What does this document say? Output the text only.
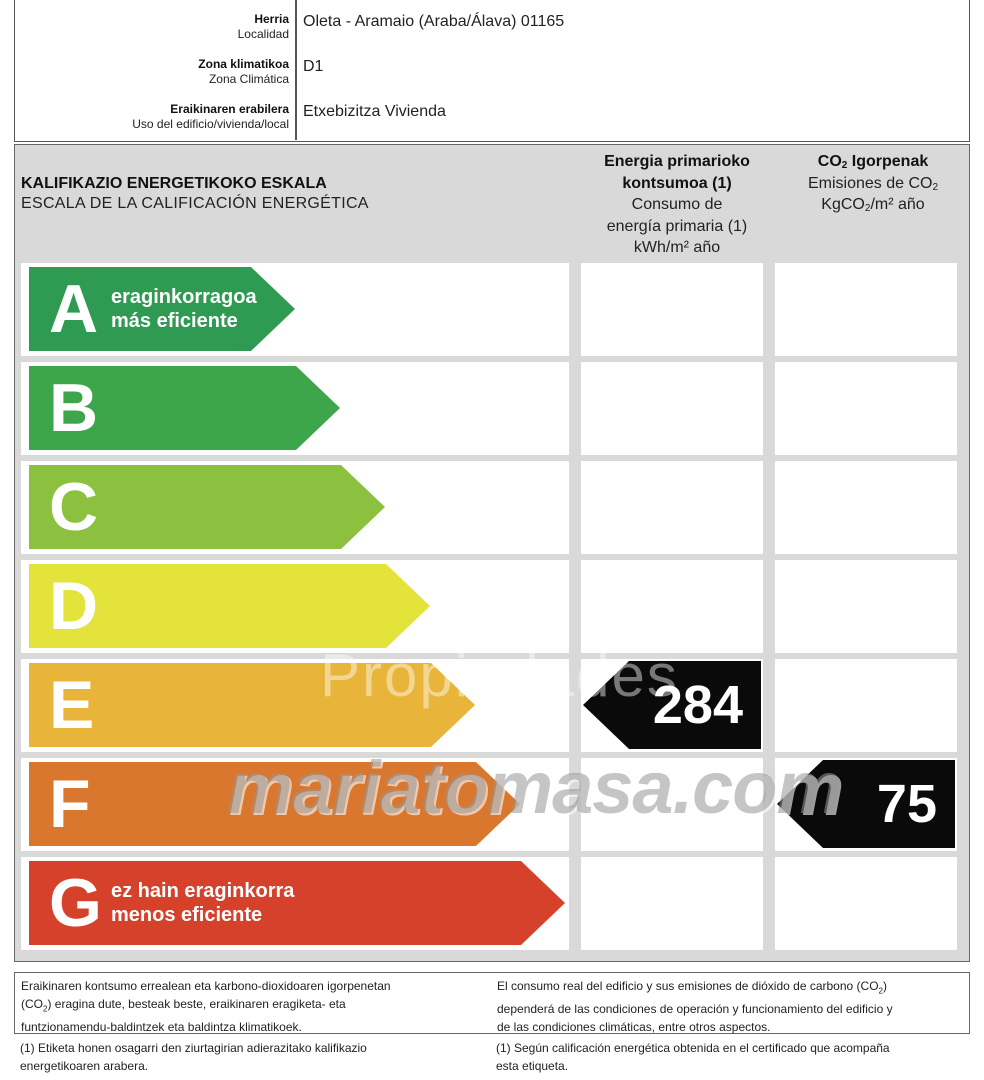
Herria
Localidad
Oleta - Aramaio (Araba/Álava) 01165
Zona klimatikoa
Zona Climática
D1
Eraikinaren erabilera
Uso del edificio/vivienda/local
Etxebizitza Vivienda
KALIFIKAZIO ENERGETIKOKO ESKALA
ESCALA DE LA CALIFICACIÓN ENERGÉTICA
Energia primarioko
kontsumoa (1)
Consumo de
energía primaria (1)
kWh/m² año
$CO_2$ Igorpenak
Emisiones de $CO_2$
KgCO$_2$/m² año
A eraginkorragoa
más eficiente
B
C
D
E	284
F	75
G ez hain eraginkorra
menos eficiente
Propiedades
mariatomasa.com
Eraikinaren kontsumo errealean eta karbono-dioxidoaren igorpenetan
$(CO_2)$ eragina dute, besteak beste, eraikinaren eragiketa- eta
funtzionamendu-baldintzek eta baldintza klimatikoek.
El consumo real del edificio y sus emisiones de dióxido de carbono $(CO_2)$
dependerá de las condiciones de operación y funcionamiento del edificio y
de las condiciones climáticas, entre otros aspectos.
(1) Etiketa honen osagarri den ziurtagirian adierazitako kalifikazio
energetikoaren arabera.
(1) Según calificación energética obtenida en el certificado que acompaña
esta etiqueta.
